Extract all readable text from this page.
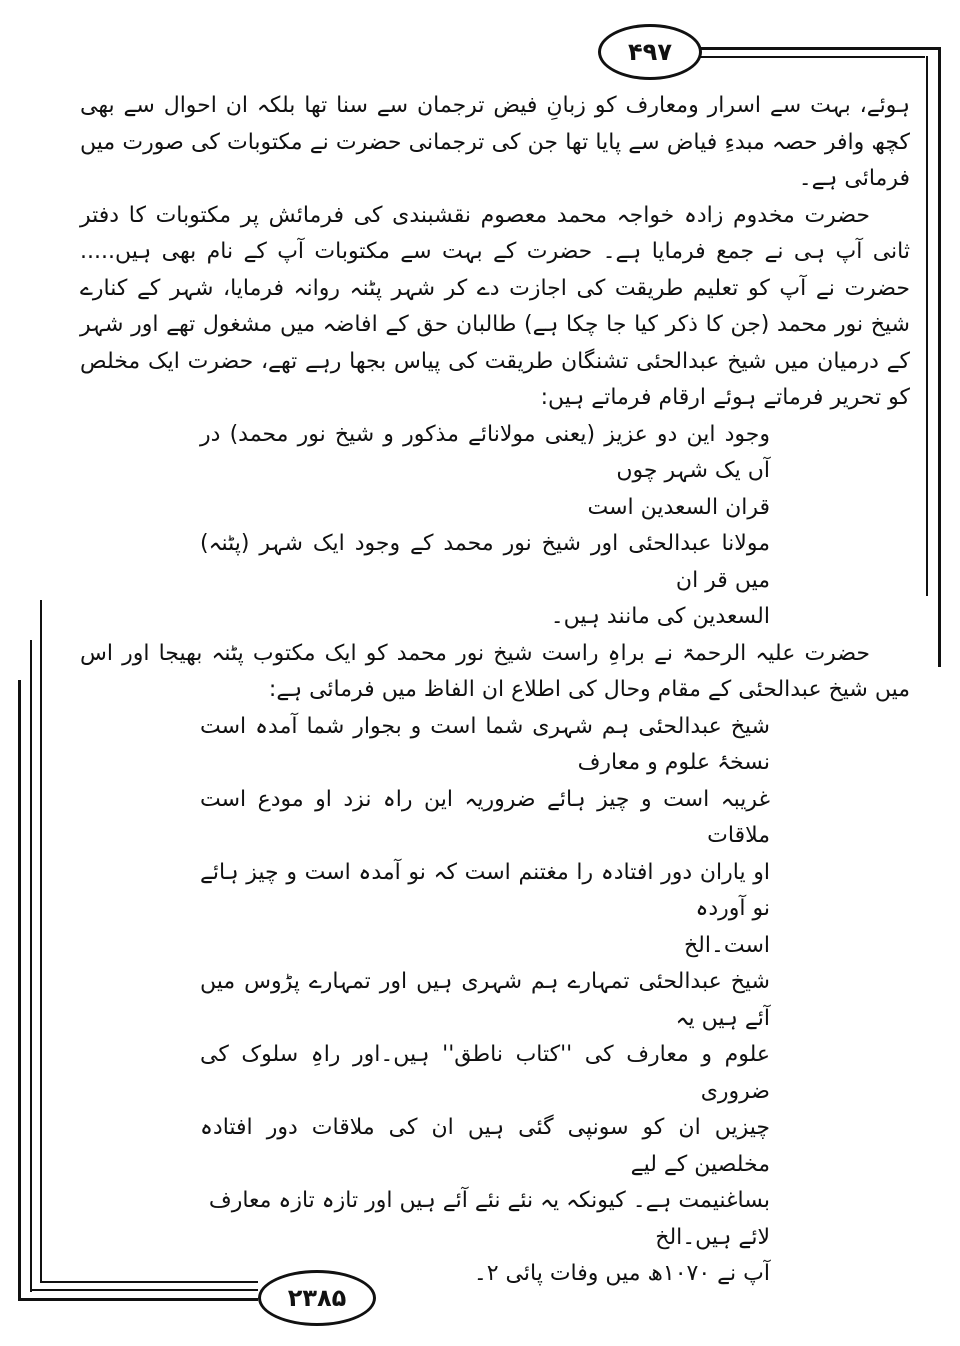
۴۹۷
۲۳۸۵

ہوئے، بہت سے اسرار ومعارف کو زبانِ فیض ترجمان سے سنا تھا بلکہ ان احوال سے بھی کچھ وافر حصہ مبدءِ فیاض سے پایا تھا جن کی ترجمانی حضرت نے مکتوبات کی صورت میں فرمائی ہے۔

حضرت مخدوم زادہ خواجہ محمد معصوم نقشبندی کی فرمائش پر مکتوبات کا دفتر ثانی آپ ہی نے جمع فرمایا ہے۔ حضرت کے بہت سے مکتوبات آپ کے نام بھی ہیں..... حضرت نے آپ کو تعلیم طریقت کی اجازت دے کر شہر پٹنہ روانہ فرمایا، شہر کے کنارے شیخ نور محمد (جن کا ذکر کیا جا چکا ہے) طالبان حق کے افاضہ میں مشغول تھے اور شہر کے درمیان میں شیخ عبدالحئی تشنگان طریقت کی پیاس بجھا رہے تھے، حضرت ایک مخلص کو تحریر فرماتے ہوئے ارقام فرماتے ہیں:

وجود این دو عزیز (یعنی مولانائے مذکور و شیخ نور محمد) در آں یک شہر چوں

قران السعدین است

مولانا عبدالحئی اور شیخ نور محمد کے وجود ایک شہر (پٹنہ) میں قر ان

السعدین کی مانند ہیں۔

حضرت علیہ الرحمۃ نے براہِ راست شیخ نور محمد کو ایک مکتوب پٹنہ بھیجا اور اس میں شیخ عبدالحئی کے مقام وحال کی اطلاع ان الفاظ میں فرمائی ہے:

شیخ عبدالحئی ہم شہری شما است و بجوار شما آمدہ است نسخۂ علوم و معارف

غریبہ است و چیز ہائے ضروریہ این راہ نزد او مودع است ملاقات

او یاران دور افتادہ را مغتنم است کہ نو آمدہ است و چیز ہائے نو آوردہ

است۔الخ

شیخ عبدالحئی تمہارے ہم شہری ہیں اور تمہارے پڑوس میں آئے ہیں یہ

علوم و معارف کی ''کتاب ناطق'' ہیں۔اور راہِ سلوک کی ضروری

چیزیں ان کو سونپی گئی ہیں ان کی ملاقات دور افتادہ مخلصین کے لیے

بساغنیمت ہے۔ کیونکہ یہ نئے نئے آئے ہیں اور تازہ تازہ معارف

لائے ہیں۔الخ

آپ نے ۱۰۷۰ھ میں وفات پائی ۲۔
